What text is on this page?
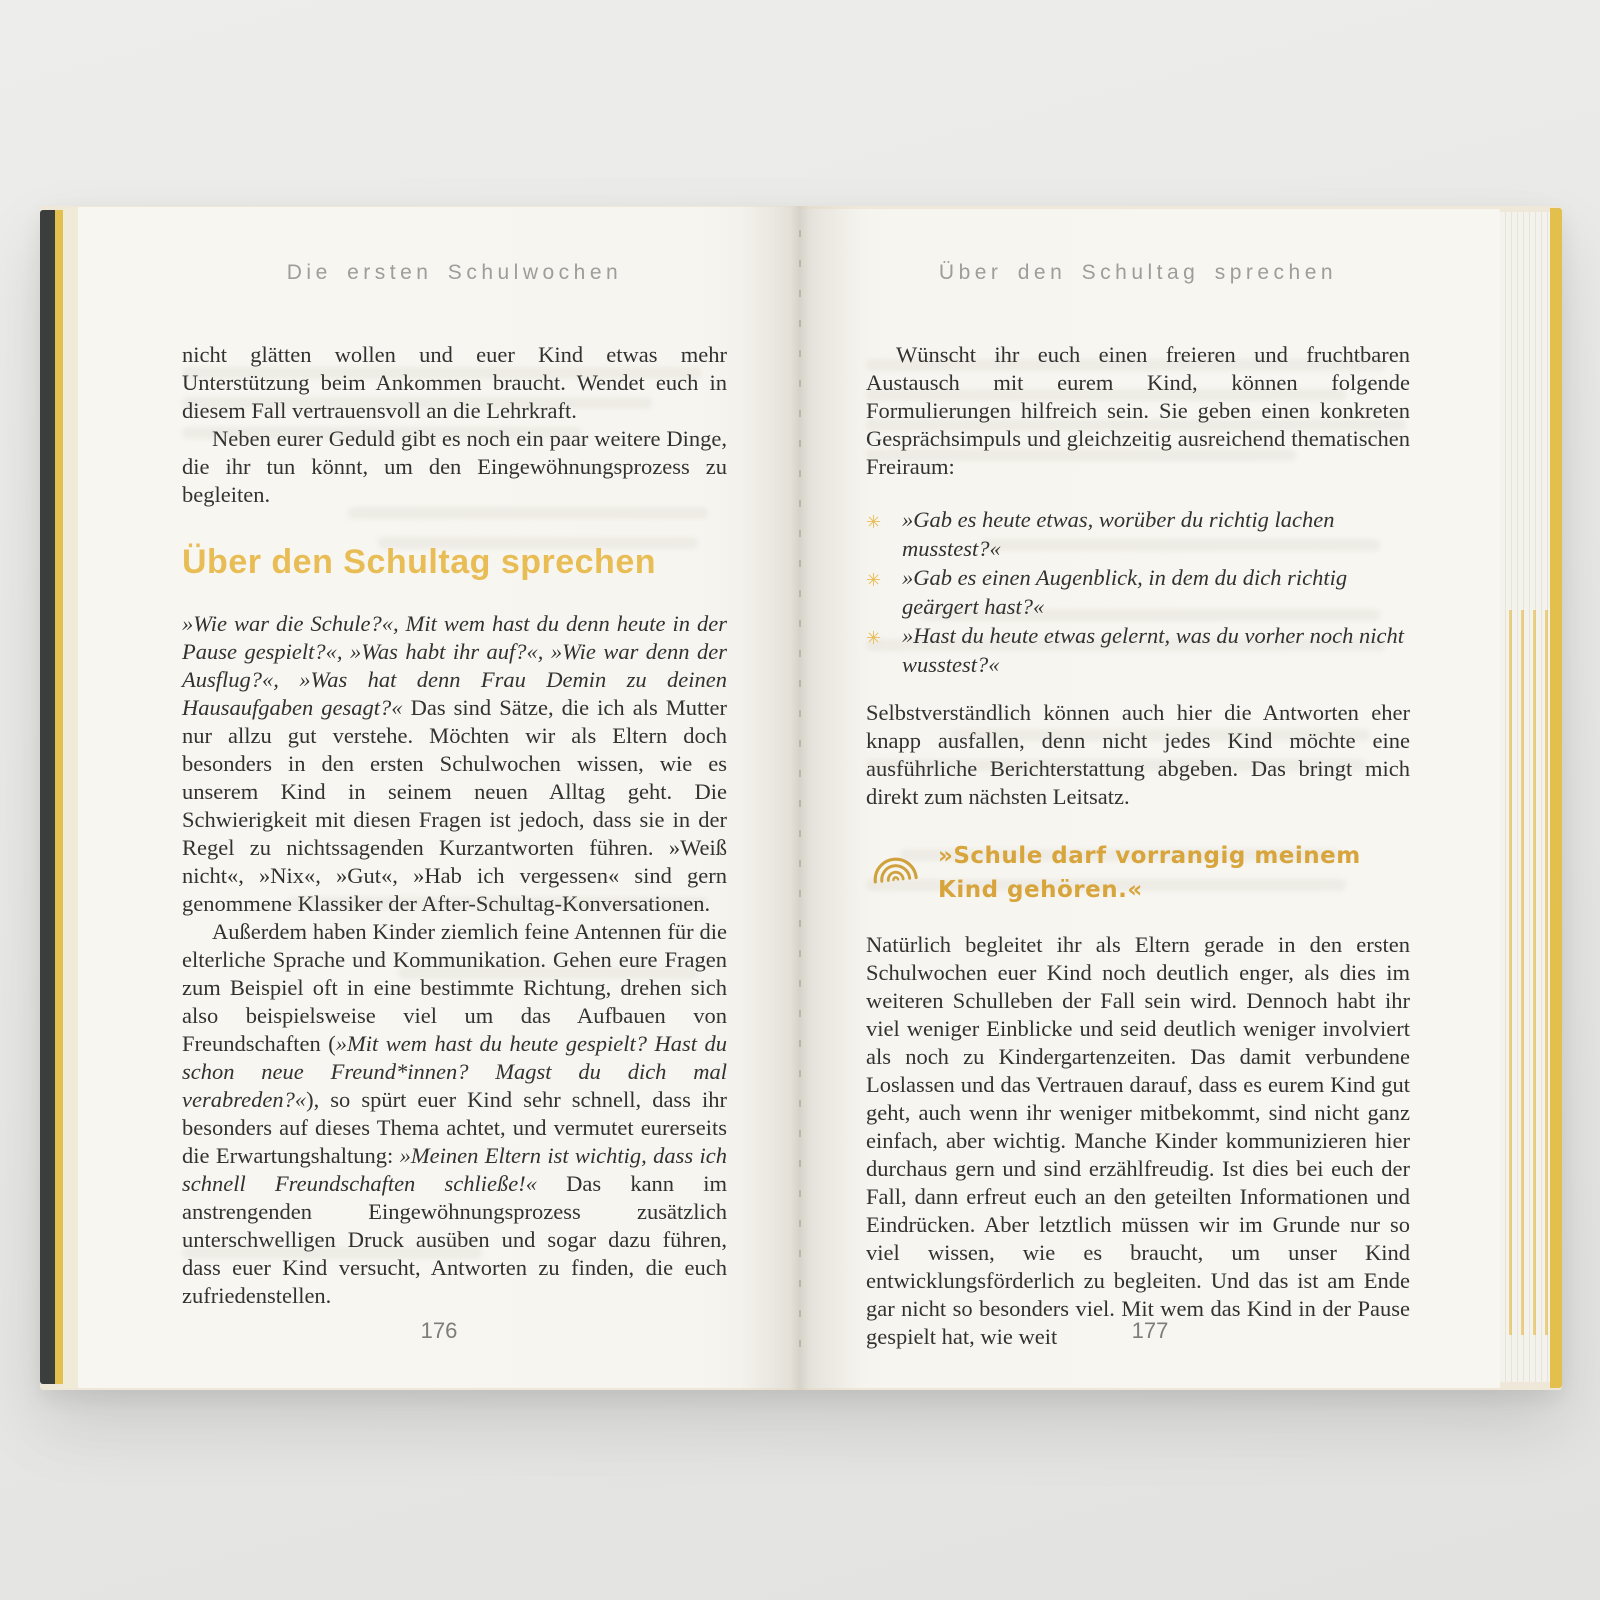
Die ersten Schulwochen

nicht glätten wollen und euer Kind etwas mehr Unterstützung beim Ankommen braucht. Wendet euch in diesem Fall vertrauensvoll an die Lehrkraft.

Neben eurer Geduld gibt es noch ein paar weitere Dinge, die ihr tun könnt, um den Eingewöhnungsprozess zu begleiten.

Über den Schultag sprechen

»Wie war die Schule?«, Mit wem hast du denn heute in der Pause gespielt?«, »Was habt ihr auf?«, »Wie war denn der Ausflug?«, »Was hat denn Frau Demin zu deinen Hausaufgaben gesagt?« Das sind Sätze, die ich als Mutter nur allzu gut verstehe. Möchten wir als Eltern doch besonders in den ersten Schulwochen wissen, wie es unserem Kind in seinem neuen Alltag geht. Die Schwierigkeit mit diesen Fragen ist jedoch, dass sie in der Regel zu nichtssagenden Kurzantworten führen. »Weiß nicht«, »Nix«, »Gut«, »Hab ich vergessen« sind gern genommene Klassiker der After-Schultag-Konversationen.

Außerdem haben Kinder ziemlich feine Antennen für die elterliche Sprache und Kommunikation. Gehen eure Fragen zum Beispiel oft in eine bestimmte Richtung, drehen sich also beispielsweise viel um das Aufbauen von Freundschaften (»Mit wem hast du heute gespielt? Hast du schon neue Freund*innen? Magst du dich mal verabreden?«), so spürt euer Kind sehr schnell, dass ihr besonders auf dieses Thema achtet, und vermutet eurerseits die Erwartungshaltung: »Meinen Eltern ist wichtig, dass ich schnell Freundschaften schließe!« Das kann im anstrengenden Eingewöhnungsprozess zusätzlich unterschwelligen Druck ausüben und sogar dazu führen, dass euer Kind versucht, Antworten zu finden, die euch zufriedenstellen.

176
Über den Schultag sprechen

Wünscht ihr euch einen freieren und fruchtbaren Austausch mit eurem Kind, können folgende Formulierungen hilfreich sein. Sie geben einen konkreten Gesprächsimpuls und gleichzeitig ausreichend thematischen Freiraum:

✳ »Gab es heute etwas, worüber du richtig lachen musstest?«
✳ »Gab es einen Augenblick, in dem du dich richtig geärgert hast?«
✳ »Hast du heute etwas gelernt, was du vorher noch nicht wusstest?«

Selbstverständlich können auch hier die Antworten eher knapp ausfallen, denn nicht jedes Kind möchte eine ausführliche Berichterstattung abgeben. Das bringt mich direkt zum nächsten Leitsatz.

»Schule darf vorrangig meinem Kind gehören.«

Natürlich begleitet ihr als Eltern gerade in den ersten Schulwochen euer Kind noch deutlich enger, als dies im weiteren Schulleben der Fall sein wird. Dennoch habt ihr viel weniger Einblicke und seid deutlich weniger involviert als noch zu Kindergartenzeiten. Das damit verbundene Loslassen und das Vertrauen darauf, dass es eurem Kind gut geht, auch wenn ihr weniger mitbekommt, sind nicht ganz einfach, aber wichtig. Manche Kinder kommunizieren hier durchaus gern und sind erzählfreudig. Ist dies bei euch der Fall, dann erfreut euch an den geteilten Informationen und Eindrücken. Aber letztlich müssen wir im Grunde nur so viel wissen, wie es braucht, um unser Kind entwicklungsförderlich zu begleiten. Und das ist am Ende gar nicht so besonders viel. Mit wem das Kind in der Pause gespielt hat, wie weit	177
